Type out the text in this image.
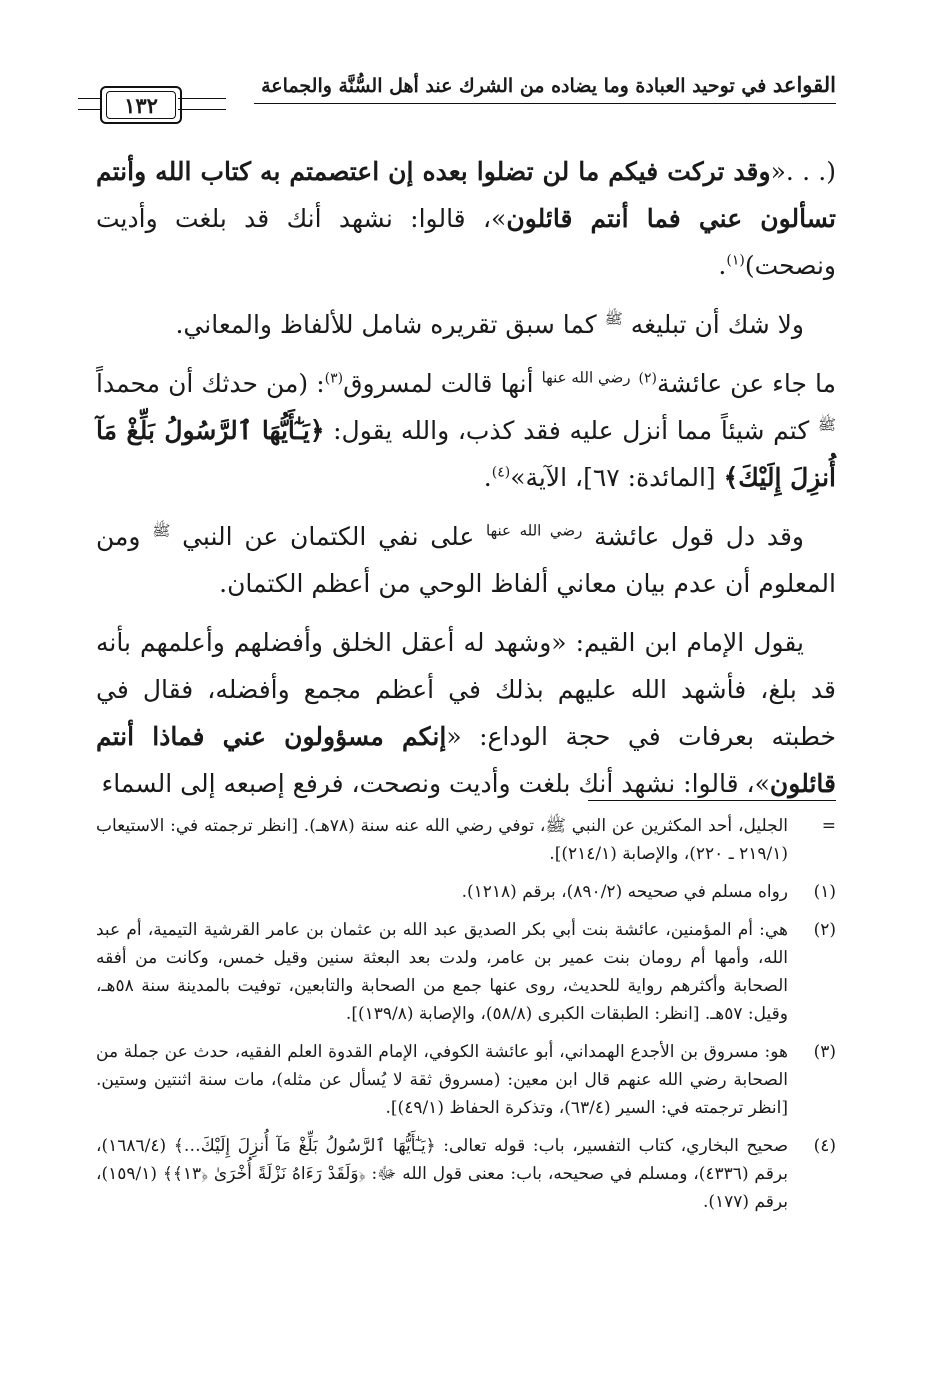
القواعد في توحيد العبادة وما يضاده من الشرك عند أهل السُّنَّة والجماعة
١٣٢

(. . .«وقد تركت فيكم ما لن تضلوا بعده إن اعتصمتم به كتاب الله وأنتم تسألون عني فما أنتم قائلون»، قالوا: نشهد أنك قد بلغت وأديت ونصحت)$^{(١)}$.

ولا شك أن تبليغه $^ﷺ$ كما سبق تقريره شامل للألفاظ والمعاني.

ما جاء عن عائشة$^{(٢)}$ $^{رضي الله عنها}$ أنها قالت لمسروق$^{(٣)}$: (من حدثك أن محمداً $^ﷺ$ كتم شيئاً مما أنزل عليه فقد كذب، والله يقول: ﴿يَـٰٓأَيُّهَا ٱلرَّسُولُ بَلِّغْ مَآ أُنزِلَ إِلَيْكَ﴾ [المائدة: ٦٧]، الآية»$^{(٤)}$.

وقد دل قول عائشة $^{رضي الله عنها}$ على نفي الكتمان عن النبي $^ﷺ$ ومن المعلوم أن عدم بيان معاني ألفاظ الوحي من أعظم الكتمان.

يقول الإمام ابن القيم: «وشهد له أعقل الخلق وأفضلهم وأعلمهم بأنه قد بلغ، فأشهد الله عليهم بذلك في أعظم مجمع وأفضله، فقال في خطبته بعرفات في حجة الوداع: «إنكم مسؤولون عني فماذا أنتم قائلون»، قالوا: نشهد أنك بلغت وأديت ونصحت، فرفع إصبعه إلى السماء

=
الجليل، أحد المكثرين عن النبي ﷺ، توفي رضي الله عنه سنة (٧٨هـ). [انظر ترجمته في: الاستيعاب (٢١٩/١ ـ ٢٢٠)، والإصابة (٢١٤/١)].
(١)
رواه مسلم في صحيحه (٨٩٠/٢)، برقم (١٢١٨).
(٢)
هي: أم المؤمنين، عائشة بنت أبي بكر الصديق عبد الله بن عثمان بن عامر القرشية التيمية، أم عبد الله، وأمها أم رومان بنت عمير بن عامر، ولدت بعد البعثة سنين وقيل خمس، وكانت من أفقه الصحابة وأكثرهم رواية للحديث، روى عنها جمع من الصحابة والتابعين، توفيت بالمدينة سنة ٥٨هـ، وقيل: ٥٧هـ. [انظر: الطبقات الكبرى (٥٨/٨)، والإصابة (١٣٩/٨)].
(٣)
هو: مسروق بن الأجدع الهمداني، أبو عائشة الكوفي، الإمام القدوة العلم الفقيه، حدث عن جملة من الصحابة رضي الله عنهم قال ابن معين: (مسروق ثقة لا يُسأل عن مثله)، مات سنة اثنتين وستين. [انظر ترجمته في: السير (٦٣/٤)، وتذكرة الحفاظ (٤٩/١)].
(٤)
صحيح البخاري، كتاب التفسير، باب: قوله تعالى: ﴿يَـٰٓأَيُّهَا ٱلرَّسُولُ بَلِّغْ مَآ أُنزِلَ إِلَيْكَ…﴾ (١٦٨٦/٤)، برقم (٤٣٣٦)، ومسلم في صحيحه، باب: معنى قول الله ﷻ: ﴿وَلَقَدْ رَءَاهُ نَزْلَةً أُخْرَىٰ ﴿١٣﴾﴾ (١٥٩/١)، برقم (١٧٧).
